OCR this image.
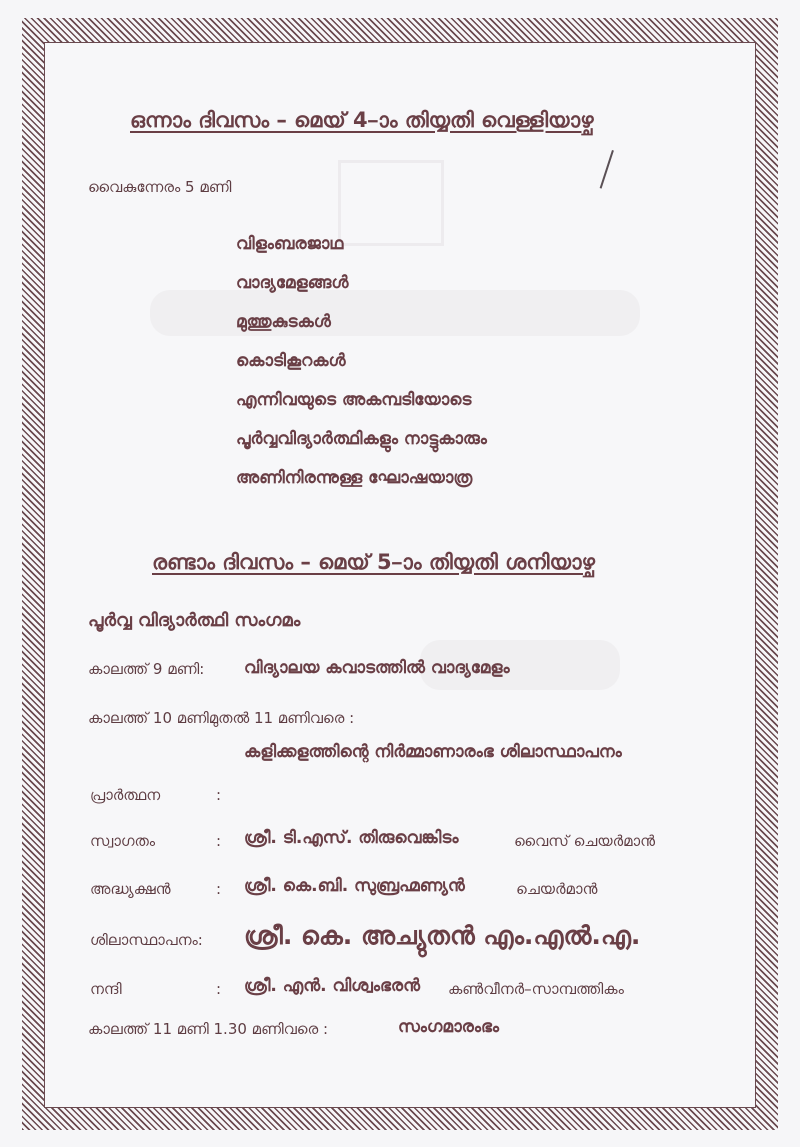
ഒന്നാം ദിവസം – മെയ് 4–ാം തിയ്യതി വെള്ളിയാഴ്ച
വൈകുന്നേരം 5 മണി
വിളംബരജാഥ
വാദ്യമേളങ്ങൾ
മുത്തുകുടകൾ
കൊടികൂറകൾ
എന്നിവയുടെ അകമ്പടിയോടെ
പൂർവ്വവിദ്യാർത്ഥികളും നാട്ടുകാരും
അണിനിരന്നുള്ള ഘോഷയാത്ര
രണ്ടാം ദിവസം – മെയ് 5–ാം തിയ്യതി ശനിയാഴ്ച
പൂർവ്വ വിദ്യാർത്ഥി സംഗമം
കാലത്ത് 9 മണി: വിദ്യാലയ കവാടത്തിൽ വാദ്യമേളം
കാലത്ത് 10 മണിമുതൽ 11 മണിവരെ :
കളിക്കളത്തിന്റെ നിർമ്മാണാരംഭ ശിലാസ്ഥാപനം
പ്രാർത്ഥന	:
സ്വാഗതം	: ശ്രീ. ടി.എസ്. തിരുവെങ്കിടം	വൈസ് ചെയർമാൻ
അദ്ധ്യക്ഷൻ	: ശ്രീ. കെ.ബി. സുബ്രഹ്മണ്യൻ	ചെയർമാൻ
ശിലാസ്ഥാപനം: ശ്രീ. കെ. അച്യുതൻ എം.എൽ.എ.
നന്ദി	: ശ്രീ. എൻ. വിശ്വംഭരൻ കൺവീനർ–സാമ്പത്തികം
കാലത്ത് 11 മണി 1.30 മണിവരെ :	സംഗമാരംഭം
